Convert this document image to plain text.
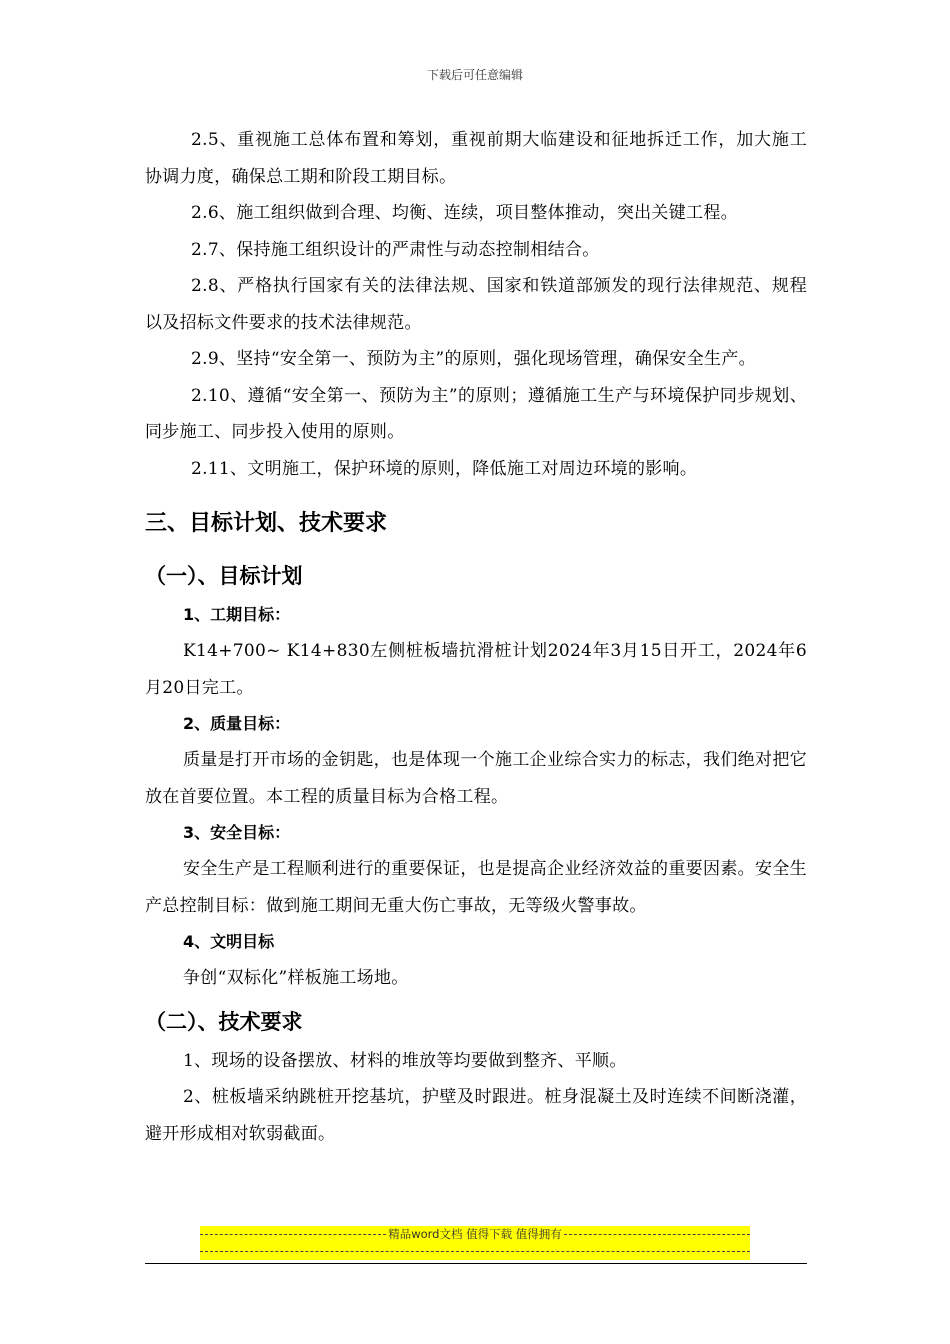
下载后可任意编辑

2.5、重视施工总体布置和筹划，重视前期大临建设和征地拆迁工作，加大施工协调力度，确保总工期和阶段工期目标。

2.6、施工组织做到合理、均衡、连续，项目整体推动，突出关键工程。

2.7、保持施工组织设计的严肃性与动态控制相结合。

2.8、严格执行国家有关的法律法规、国家和铁道部颁发的现行法律规范、规程以及招标文件要求的技术法律规范。

2.9、坚持“安全第一、预防为主”的原则，强化现场管理，确保安全生产。

2.10、遵循“安全第一、预防为主”的原则；遵循施工生产与环境保护同步规划、同步施工、同步投入使用的原则。

2.11、文明施工，保护环境的原则，降低施工对周边环境的影响。

三、目标计划、技术要求
（一）、目标计划
1、工期目标：

K14+700~ K14+830左侧桩板墙抗滑桩计划2024年3月15日开工，2024年6月20日完工。

2、质量目标：

质量是打开市场的金钥匙，也是体现一个施工企业综合实力的标志，我们绝对把它放在首要位置。本工程的质量目标为合格工程。

3、安全目标：

安全生产是工程顺利进行的重要保证，也是提高企业经济效益的重要因素。安全生产总控制目标：做到施工期间无重大伤亡事故，无等级火警事故。

4、文明目标

争创“双标化”样板施工场地。

（二）、技术要求

1、现场的设备摆放、材料的堆放等均要做到整齐、平顺。

2、桩板墙采纳跳桩开挖基坑，护壁及时跟进。桩身混凝土及时连续不间断浇灌，避开形成相对软弱截面。

精品word文档 值得下载 值得拥有
